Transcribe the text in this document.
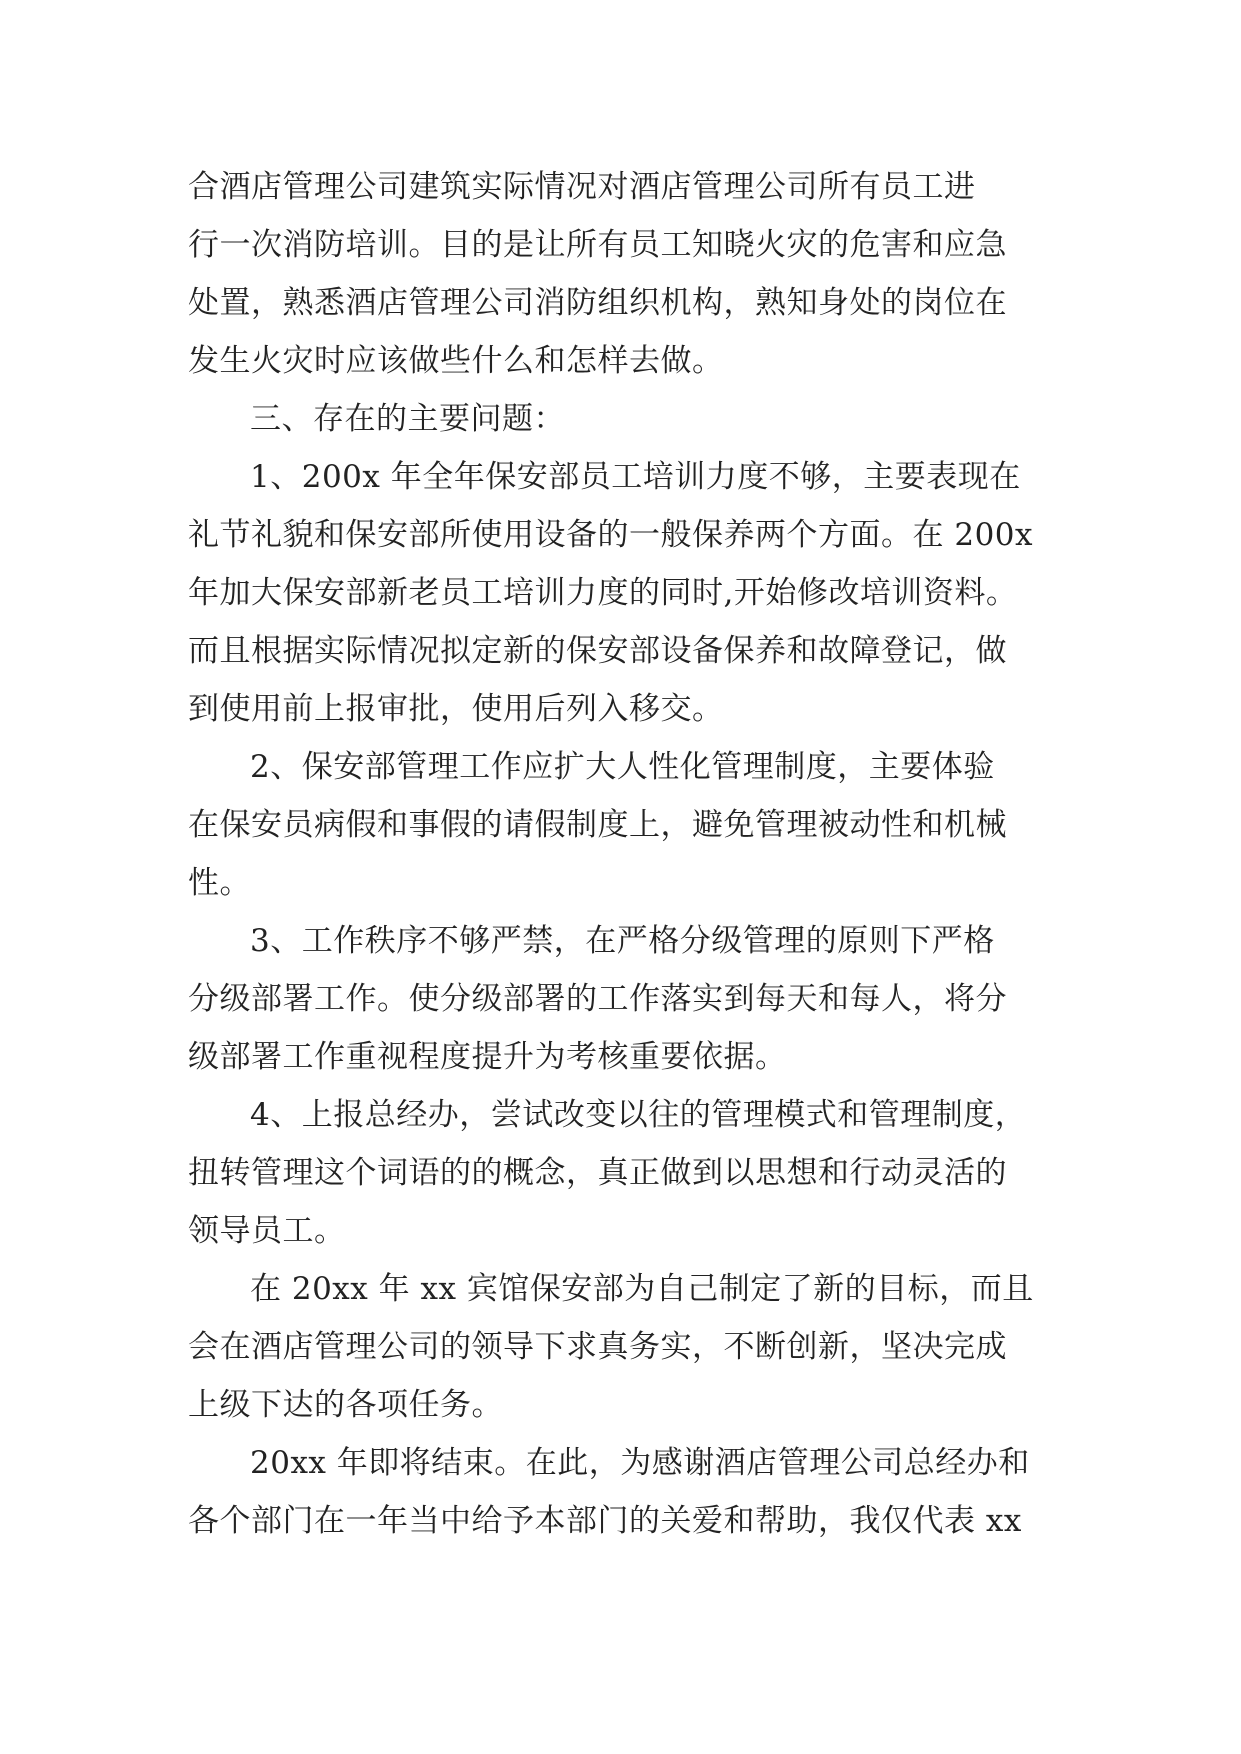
合酒店管理公司建筑实际情况对酒店管理公司所有员工进
行一次消防培训。目的是让所有员工知晓火灾的危害和应急
处置，熟悉酒店管理公司消防组织机构，熟知身处的岗位在
发生火灾时应该做些什么和怎样去做。

三、存在的主要问题：

1、200x 年全年保安部员工培训力度不够，主要表现在
礼节礼貌和保安部所使用设备的一般保养两个方面。在 200x
年加大保安部新老员工培训力度的同时,开始修改培训资料。
而且根据实际情况拟定新的保安部设备保养和故障登记，做
到使用前上报审批，使用后列入移交。

2、保安部管理工作应扩大人性化管理制度，主要体验
在保安员病假和事假的请假制度上，避免管理被动性和机械
性。

3、工作秩序不够严禁，在严格分级管理的原则下严格
分级部署工作。使分级部署的工作落实到每天和每人，将分
级部署工作重视程度提升为考核重要依据。

4、上报总经办，尝试改变以往的管理模式和管理制度，
扭转管理这个词语的的概念，真正做到以思想和行动灵活的
领导员工。

在 20xx 年 xx 宾馆保安部为自己制定了新的目标，而且
会在酒店管理公司的领导下求真务实，不断创新，坚决完成
上级下达的各项任务。

20xx 年即将结束。在此，为感谢酒店管理公司总经办和
各个部门在一年当中给予本部门的关爱和帮助，我仅代表 xx
